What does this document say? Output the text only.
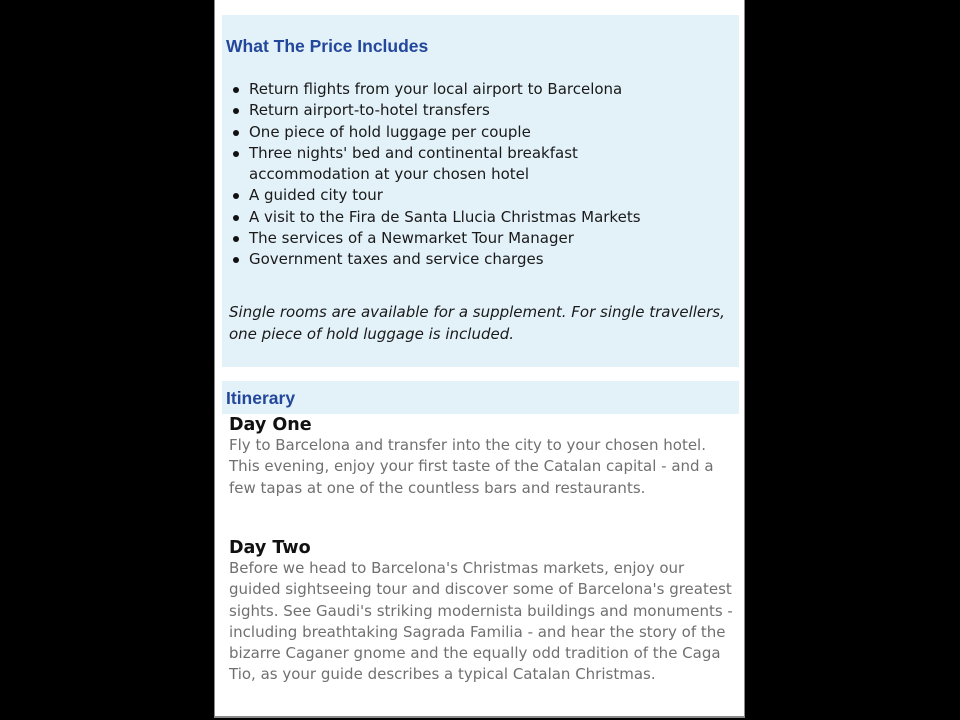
What The Price Includes
Return flights from your local airport to Barcelona
Return airport-to-hotel transfers
One piece of hold luggage per couple
Three nights' bed and continental breakfast accommodation at your chosen hotel
A guided city tour
A visit to the Fira de Santa Llucia Christmas Markets
The services of a Newmarket Tour Manager
Government taxes and service charges

Single rooms are available for a supplement. For single travellers, one piece of hold luggage is included.

Itinerary
Day One

Fly to Barcelona and transfer into the city to your chosen hotel. This evening, enjoy your first taste of the Catalan capital - and a few tapas at one of the countless bars and restaurants.

Day Two

Before we head to Barcelona's Christmas markets, enjoy our guided sightseeing tour and discover some of Barcelona's greatest sights. See Gaudi's striking modernista buildings and monuments - including breathtaking Sagrada Familia - and hear the story of the bizarre Caganer gnome and the equally odd tradition of the Caga Tio, as your guide describes a typical Catalan Christmas.
